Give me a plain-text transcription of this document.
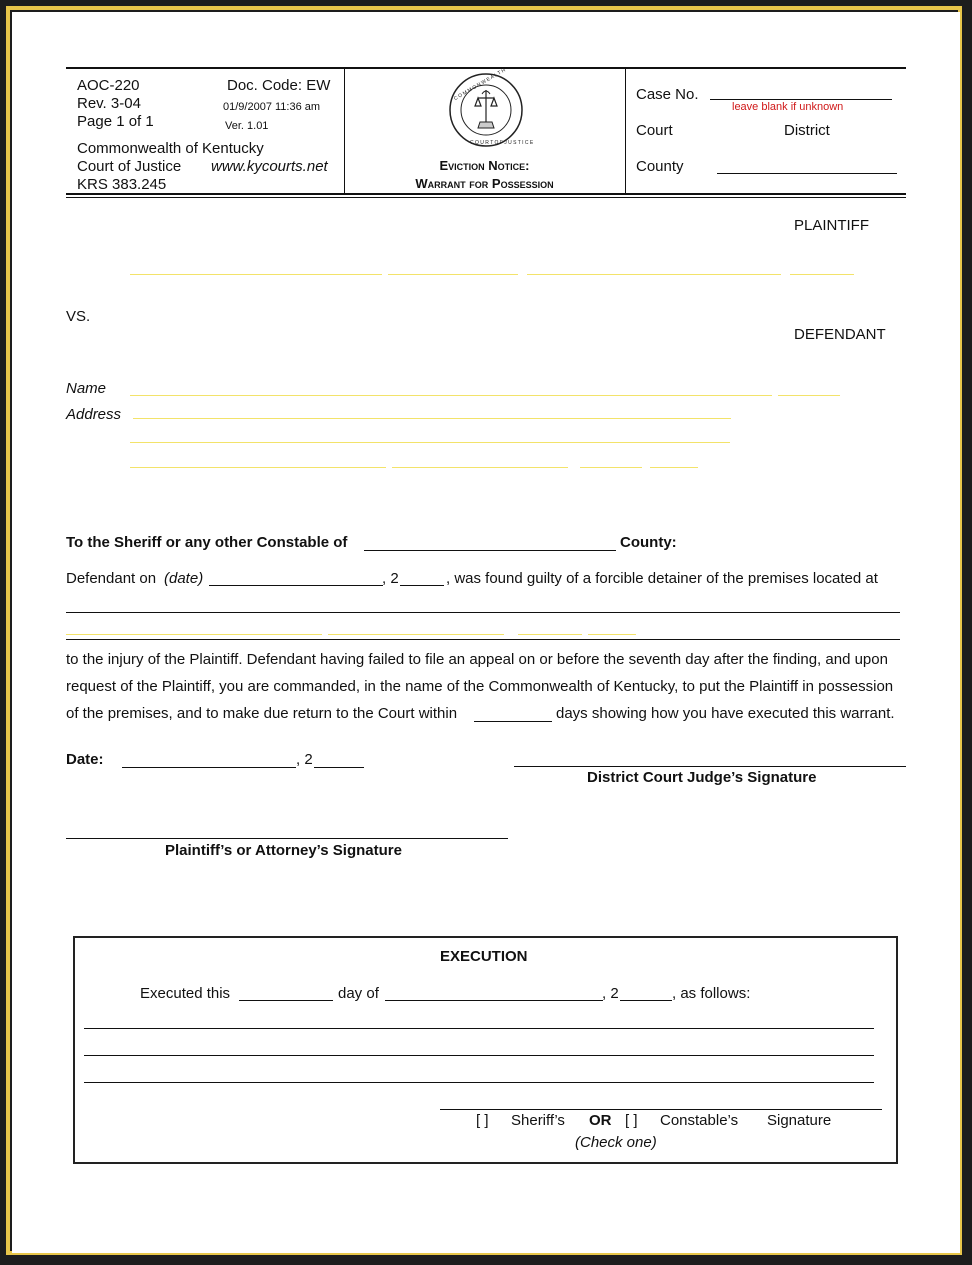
AOC-220
Rev. 3-04
Page 1 of 1
Doc. Code: EW
01/9/2007 11:36 am
Ver. 1.01
Commonwealth of Kentucky
Court of Justice www.kycourts.net
KRS 383.245
C O M M O N W E A L T H
C O U R T O F J U S T I C E
Eviction Notice:
Warrant for Possession
Case No.
leave blank if unknown
Court	District
County
PLAINTIFF
VS.
DEFENDANT
Name
Address
To the Sheriff or any other Constable of	County:
Defendant on (date)	, 2	, was found guilty of a forcible detainer of the premises located at
to the injury of the Plaintiff. Defendant having failed to file an appeal on or before the seventh day after the finding, and upon
request of the Plaintiff, you are commanded, in the name of the Commonwealth of Kentucky, to put the Plaintiff in possession
of the premises, and to make due return to the Court within	days showing how you have executed this warrant.
Date:	, 2
District Court Judge’s Signature
Plaintiff’s or Attorney’s Signature
EXECUTION
Executed this	day of	, 2	, as follows:
[ ] Sheriff’s OR [ ] Constable’s Signature
(Check one)
